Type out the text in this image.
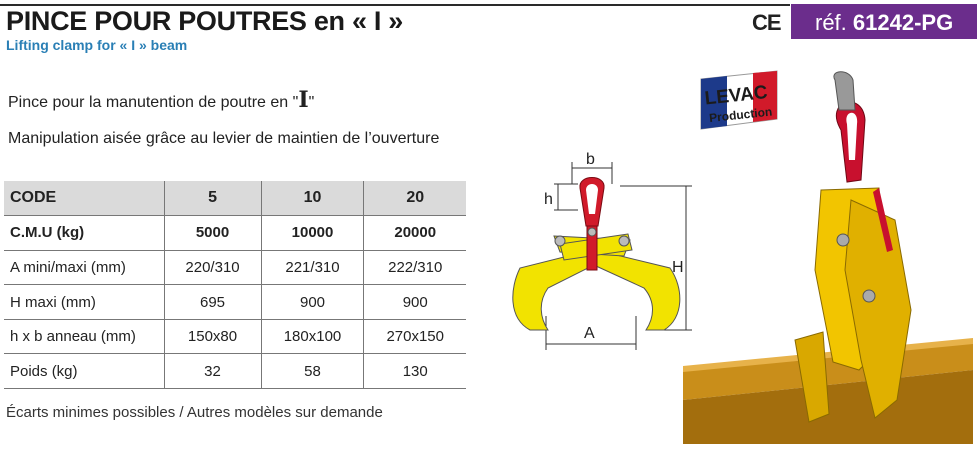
PINCE POUR POUTRES en « I »
Lifting clamp for « I » beam
CE	réf. 61242-PG
Pince pour la manutention de poutre en "I"
Manipulation aisée grâce au levier de maintien de l’ouverture
CODE	5	10	20
C.M.U (kg)	5000	10000	20000
A mini/maxi (mm)	220/310	221/310	222/310
H maxi (mm)	695	900	900
h x b anneau (mm)	150x80	180x100	270x150
Poids (kg)	32	58	130
Écarts minimes possibles / Autres modèles sur demande
b
h
H
A
LEVAC
Production
